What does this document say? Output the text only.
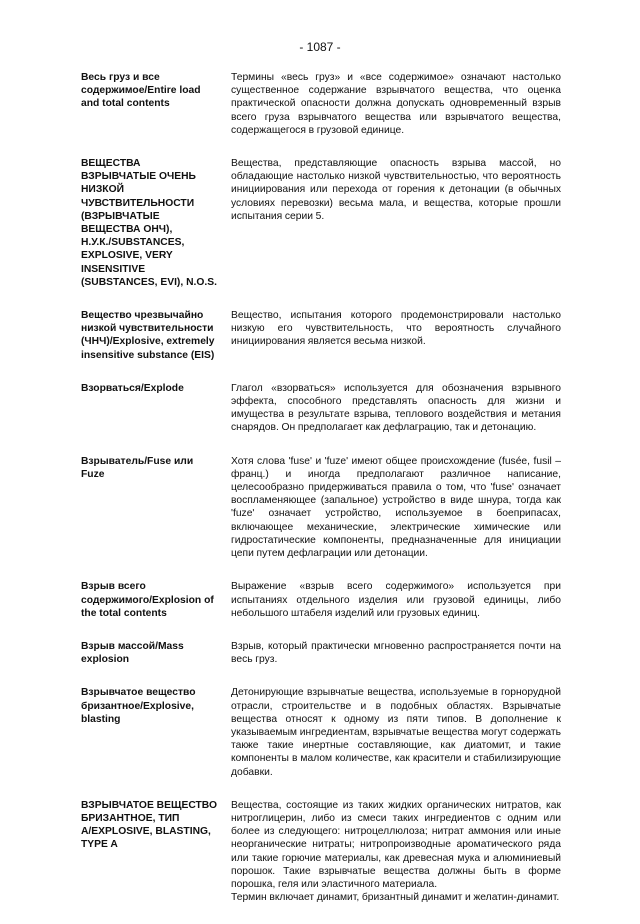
- 1087 -
Весь груз и все содержимое/Entire load and total contents

Термины «весь груз» и «все содержимое» означают настолько существенное содержание взрывчатого вещества, что оценка практической опасности должна допускать одновременный взрыв всего груза взрывчатого вещества или взрывчатого вещества, содержащегося в грузовой единице.

ВЕЩЕСТВА ВЗРЫВЧАТЫЕ ОЧЕНЬ НИЗКОЙ ЧУВСТВИТЕЛЬНОСТИ (ВЗРЫВЧАТЫЕ ВЕЩЕСТВА ОНЧ), Н.У.К./SUBSTANCES, EXPLOSIVE, VERY INSENSITIVE (SUBSTANCES, EVI), N.O.S.

Вещества, представляющие опасность взрыва массой, но обладающие настолько низкой чувствительностью, что вероятность инициирования или перехода от горения к детонации (в обычных условиях перевозки) весьма мала, и вещества, которые прошли испытания серии 5.

Вещество чрезвычайно низкой чувствительности (ЧНЧ)/Explosive, extremely insensitive substance (EIS)

Вещество, испытания которого продемонстрировали настолько низкую его чувствительность, что вероятность случайного инициирования является весьма низкой.

Взорваться/Explode	Глагол «взорваться» используется для обозначения взрывного эффекта, способного представлять опасность для жизни и имущества в результате взрыва, теплового воздействия и метания снарядов. Он предполагает как дефлаграцию, так и детонацию.

Взрыватель/Fuse или Fuze

Хотя слова 'fuse' и 'fuze' имеют общее происхождение (fusée, fusil – франц.) и иногда предполагают различное написание, целесообразно придерживаться правила о том, что 'fuse' означает воспламеняющее (запальное) устройство в виде шнура, тогда как 'fuze' означает устройство, используемое в боеприпасах, включающее механические, электрические химические или гидростатические компоненты, предназначенные для инициации цепи путем дефлаграции или детонации.

Взрыв всего содержимого/Explosion of the total contents

Выражение «взрыв всего содержимого» используется при испытаниях отдельного изделия или грузовой единицы, либо небольшого штабеля изделий или грузовых единиц.

Взрыв массой/Mass explosion

Взрыв, который практически мгновенно распространяется почти на весь груз.

Взрывчатое вещество бризантное/Explosive, blasting

Детонирующие взрывчатые вещества, используемые в горнорудной отрасли, строительстве и в подобных областях. Взрывчатые вещества относят к одному из пяти типов. В дополнение к указываемым ингредиентам, взрывчатые вещества могут содержать также такие инертные составляющие, как диатомит, и такие компоненты в малом количестве, как красители и стабилизирующие добавки.

ВЗРЫВЧАТОЕ ВЕЩЕСТВО БРИЗАНТНОЕ, ТИП A/EXPLOSIVE, BLASTING, TYPE A

Вещества, состоящие из таких жидких органических нитратов, как нитроглицерин, либо из смеси таких ингредиентов с одним или более из следующего: нитроцеллюлоза; нитрат аммония или иные неорганические нитраты; нитропроизводные ароматического ряда или такие горючие материалы, как древесная мука и алюминиевый порошок. Такие взрывчатые вещества должны быть в форме порошка, геля или эластичного материала.

Термин включает динамит, бризантный динамит и желатин-динамит.
